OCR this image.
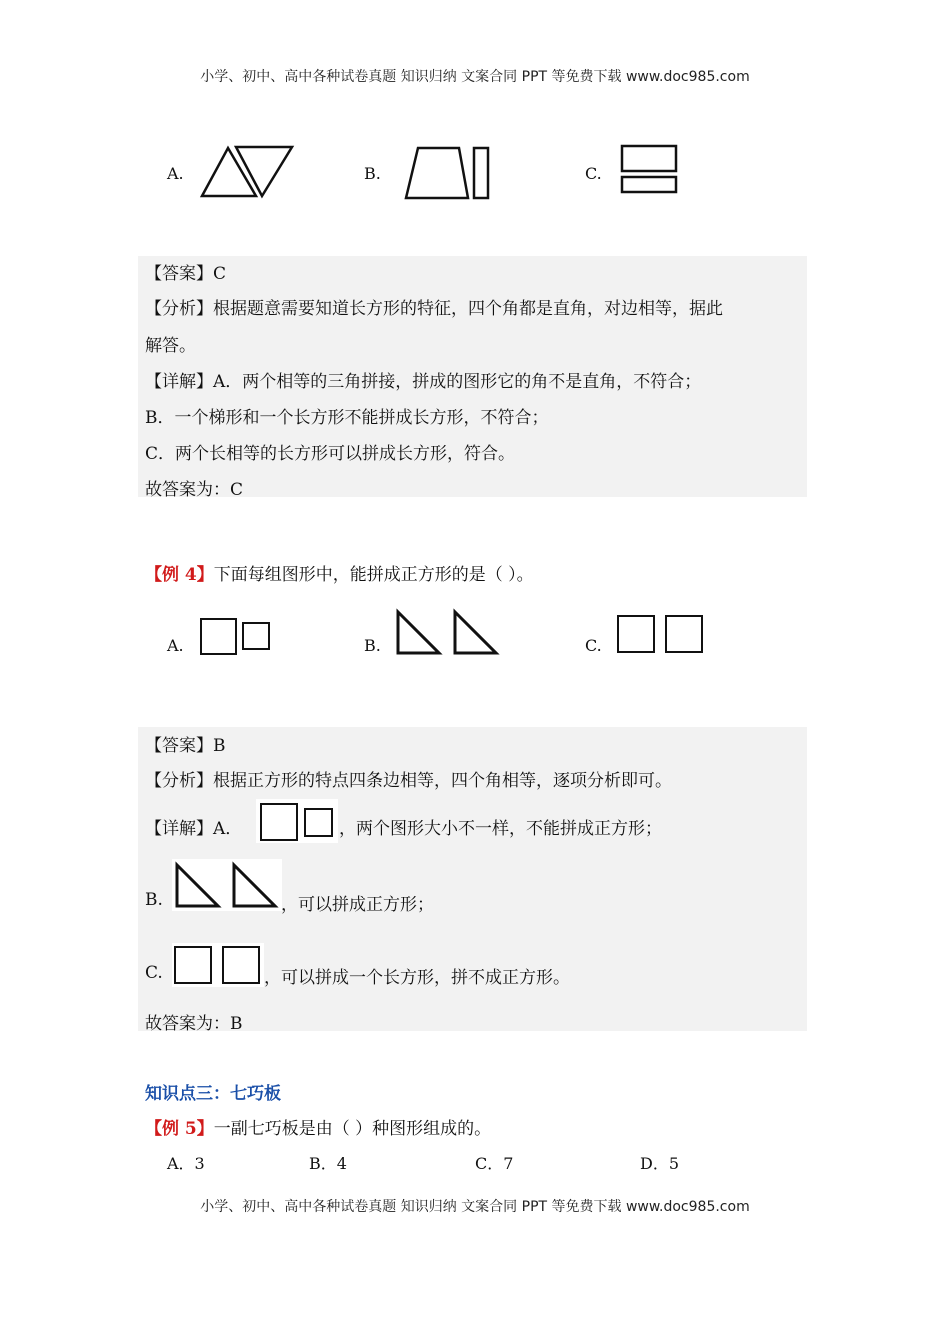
小学、初中、高中各种试卷真题 知识归纳 文案合同 PPT 等免费下载 www.doc985.com
A.	B.	C.
【答案】C
【分析】根据题意需要知道长方形的特征，四个角都是直角，对边相等，据此
解答。
【详解】A．两个相等的三角拼接，拼成的图形它的角不是直角，不符合；
B．一个梯形和一个长方形不能拼成长方形，不符合；
C．两个长相等的长方形可以拼成长方形，符合。
故答案为：C
【例 4】下面每组图形中，能拼成正方形的是（ ）。
A.	B.	C.
【答案】B
【分析】根据正方形的特点四条边相等，四个角相等，逐项分析即可。
【详解】A．	，两个图形大小不一样，不能拼成正方形；
B.	，可以拼成正方形；
C.	，可以拼成一个长方形，拼不成正方形。
故答案为：B
知识点三：七巧板
【例 5】一副七巧板是由（ ）种图形组成的。
A．3	B．4	C．7	D．5
小学、初中、高中各种试卷真题 知识归纳 文案合同 PPT 等免费下载 www.doc985.com
